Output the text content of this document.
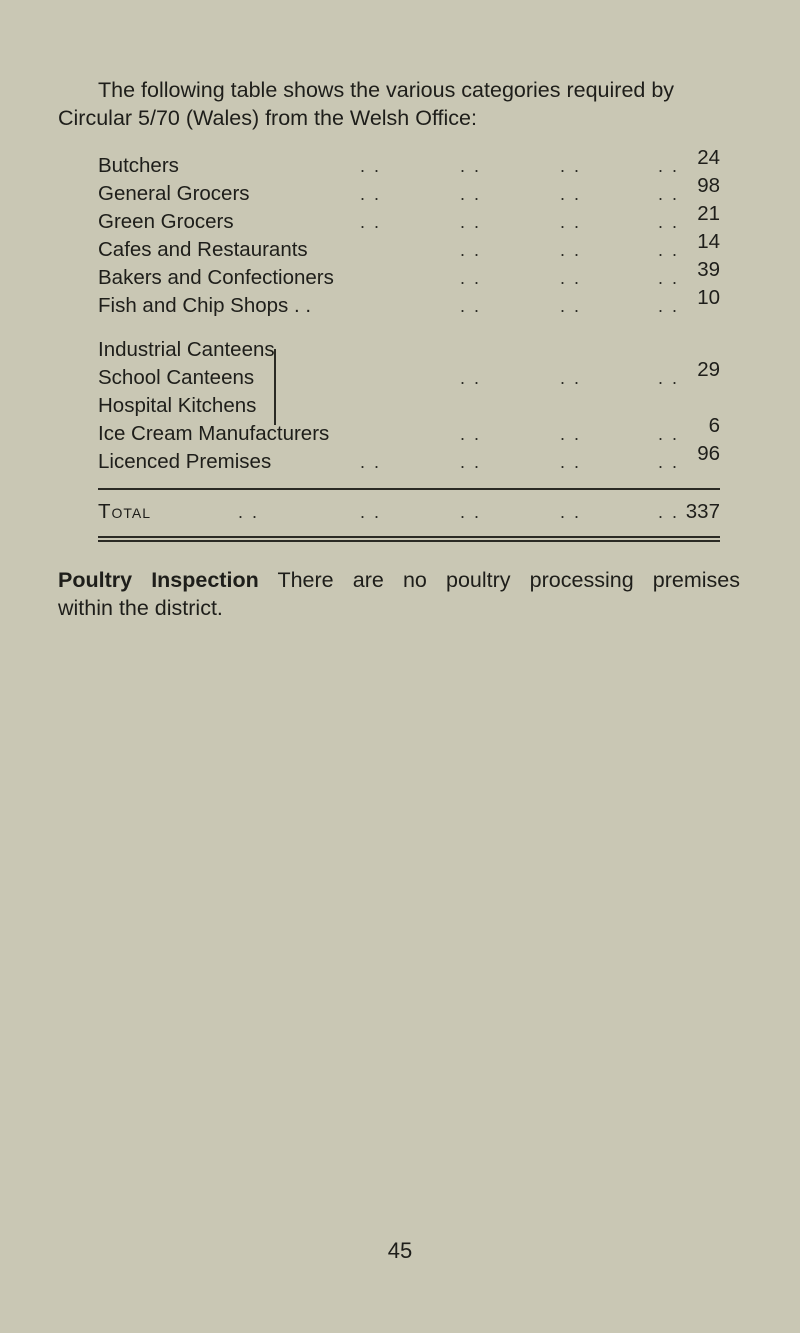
The following table shows the various categories required by
Circular 5/70 (Wales) from the Welsh Office:
Butchers	. .	. .	. .	. . 24
General Grocers	. .	. .	. .	. . 98
Green Grocers	. .	. .	. .	. . 21
Cafes and Restaurants	. .	. .	. . 14
Bakers and Confectioners	. .	. .	. . 39
Fish and Chip Shops . .	. .	. .	. . 10
Industrial Canteens
School Canteens	. .	. .	. . 29
Hospital Kitchens
Ice Cream Manufacturers	. .	. .	. .	6
Licenced Premises	. .	. .	. .	. . 96
Total	. .	. .	. .	. .	. . 337
Poultry Inspection There are no poultry processing premises
within the district.
45
